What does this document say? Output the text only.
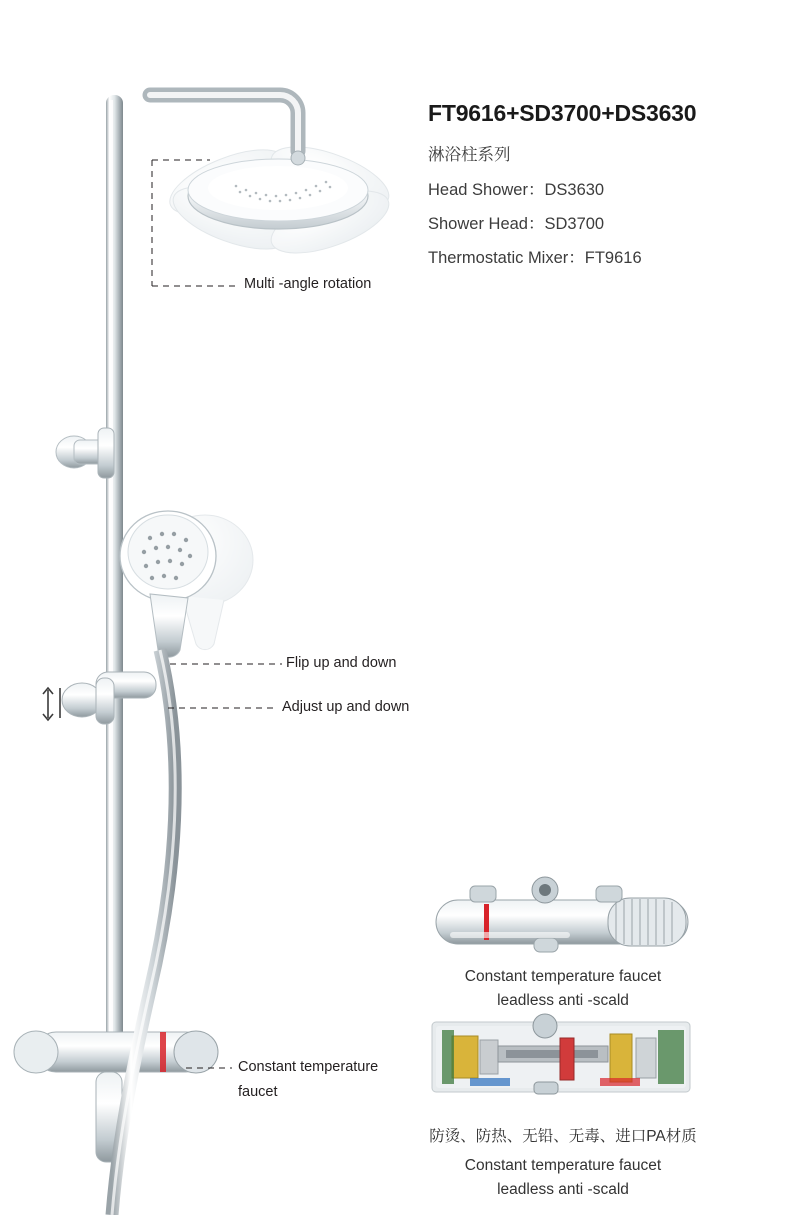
FT9616+SD3700+DS3630
淋浴柱系列
Head Shower：DS3630
Shower Head：SD3700
Thermostatic Mixer：FT9616
Multi -angle rotation
Flip up and down
Adjust up and down
Constant temperature
faucet
Constant temperature faucet
leadless anti -scald
防烫、防热、无铅、无毒、进口PA材质
Constant temperature faucet
leadless anti -scald
